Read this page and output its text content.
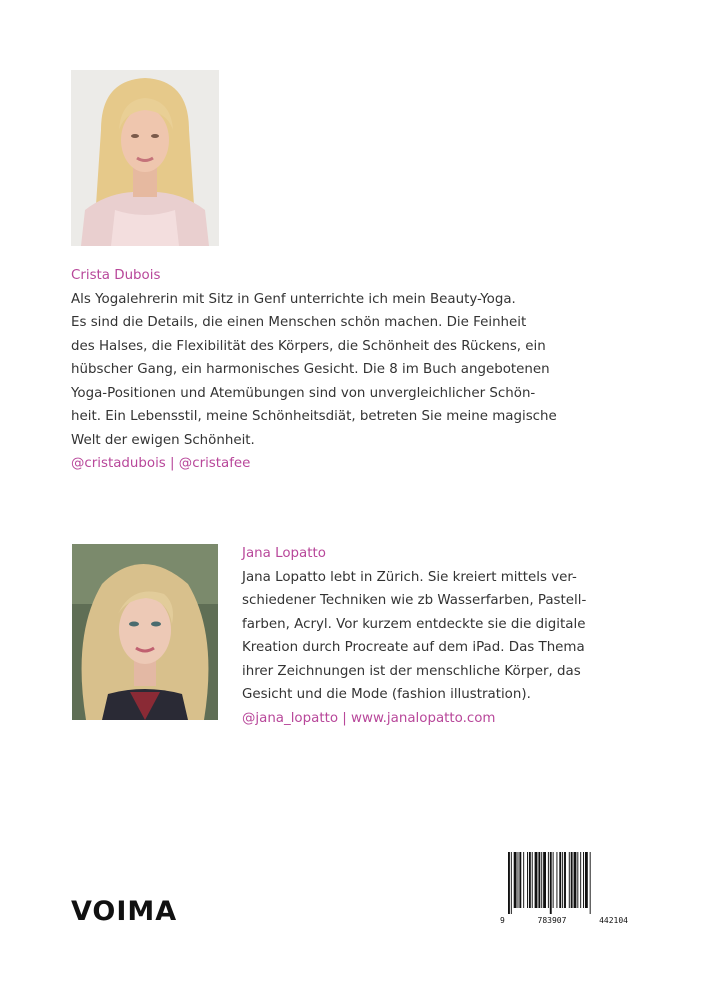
Crista Dubois

Als Yogalehrerin mit Sitz in Genf unterrichte ich mein Beauty-Yoga.

Es sind die Details, die einen Menschen schön machen. Die Feinheit

des Halses, die Flexibilität des Körpers, die Schönheit des Rückens, ein

hübscher Gang, ein harmonisches Gesicht. Die 8 im Buch angebotenen

Yoga-Positionen und Atemübungen sind von unvergleichlicher Schön-

heit. Ein Lebensstil, meine Schönheitsdiät, betreten Sie meine magische

Welt der ewigen Schönheit.

@cristadubois | @cristafee

Jana Lopatto

Jana Lopatto lebt in Zürich. Sie kreiert mittels ver-

schiedener Techniken wie zb Wasserfarben, Pastell-

farben, Acryl. Vor kurzem entdeckte sie die digitale

Kreation durch Procreate auf dem iPad. Das Thema

ihrer Zeichnungen ist der menschliche Körper, das

Gesicht und die Mode (fashion illustration).

@jana_lopatto | www.janalopatto.com

VOIMA	9	783907	442104
